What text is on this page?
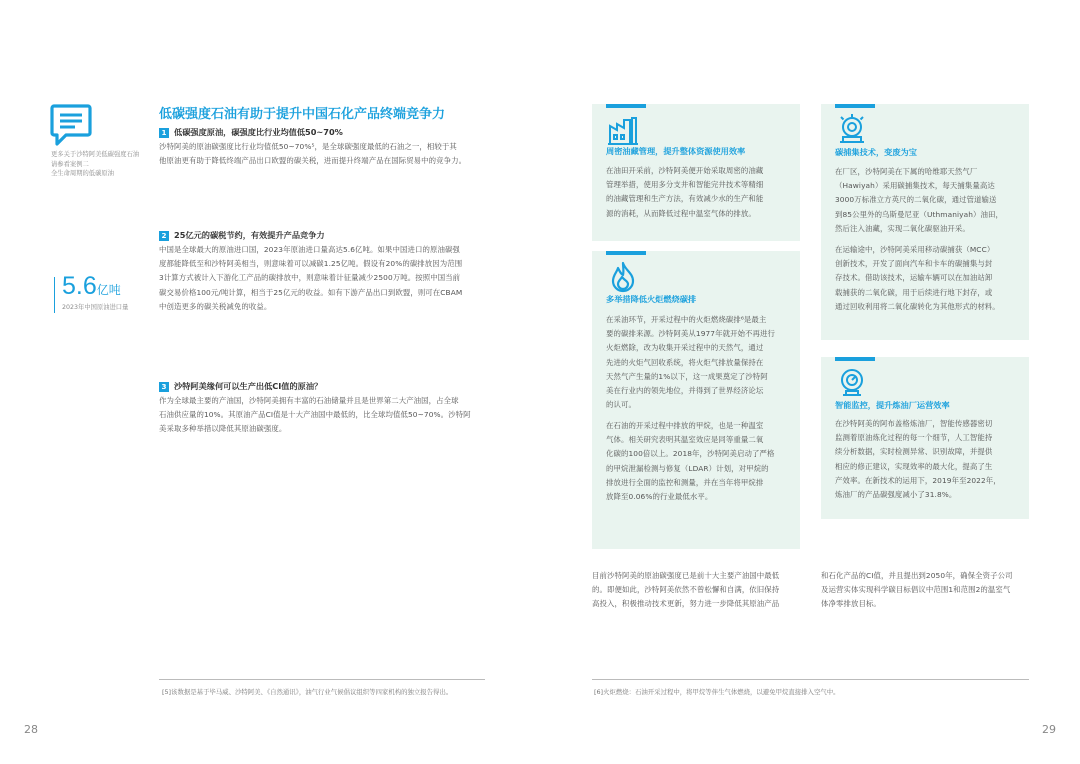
更多关于沙特阿美低碳强度石油
请参看案例二
全生命周期的低碳原油
5.6亿吨
2023年中国原油进口量
低碳强度石油有助于提升中国石化产品终端竞争力
1 低碳强度原油，碳强度比行业均值低50~70%
沙特阿美的原油碳强度比行业均值低50~70%⁵，是全球碳强度最低的石油之一，相较于其
他原油更有助于降低终端产品出口欧盟的碳关税，进而提升终端产品在国际贸易中的竞争力。
2 25亿元的碳税节约，有效提升产品竞争力
中国是全球最大的原油进口国，2023年原油进口量高达5.6亿吨。如果中国进口的原油碳强
度都能降低至和沙特阿美相当，则意味着可以减碳1.25亿吨。假设有20%的碳排放因为范围
3计算方式被计入下游化工产品的碳排放中，则意味着计征量减少2500万吨。按照中国当前
碳交易价格100元/吨计算，相当于25亿元的收益。如有下游产品出口到欧盟，则可在CBAM
中创造更多的碳关税减免的收益。
3 沙特阿美缘何可以生产出低CI值的原油？
作为全球最主要的产油国，沙特阿美拥有丰富的石油储量并且是世界第二大产油国，占全球
石油供应量的10%。其原油产品CI值是十大产油国中最低的，比全球均值低50~70%。沙特阿
美采取多种举措以降低其原油碳强度。
[5]该数据是基于毕马威、沙特阿美、《自然通讯》，油气行业气候倡议组织等四家机构的独立报告得出。
28
周密油藏管理，提升整体资源使用效率
在油田开采前，沙特阿美便开始采取周密的油藏
管理举措，使用多分支井和智能完井技术等精细
的油藏管理和生产方法，有效减少水的生产和能
源的消耗，从而降低过程中温室气体的排放。
多举措降低火炬燃烧碳排
在采油环节，开采过程中的火炬燃烧碳排⁶是最主
要的碳排来源。沙特阿美从1977年就开始不再进行
火炬燃除，改为收集开采过程中的天然气，通过
先进的火炬气回收系统，将火炬气排放量保持在
天然气产生量的1%以下，这一成果奠定了沙特阿
美在行业内的领先地位，并得到了世界经济论坛
的认可。
在石油的开采过程中排放的甲烷，也是一种温室
气体。相关研究表明其温室效应是同等重量二氧
化碳的100倍以上。2018年，沙特阿美启动了严格
的甲烷泄漏检测与修复（LDAR）计划，对甲烷的
排放进行全面的监控和测量，并在当年将甲烷排
放降至0.06%的行业最低水平。
碳捕集技术，变废为宝
在厂区，沙特阿美在下属的哈维耶天然气厂
（Hawiyah）采用碳捕集技术，每天捕集量高达
3000万标准立方英尺的二氧化碳，通过管道输送
到85公里外的乌斯曼尼亚（Uthmaniyah）油田，
然后注入油藏，实现二氧化碳驱油开采。
在运输途中，沙特阿美采用移动碳捕获（MCC）
创新技术，开发了面向汽车和卡车的碳捕集与封
存技术。借助该技术，运输车辆可以在加油站卸
载捕获的二氧化碳，用于后续进行地下封存，或
通过回收利用将二氧化碳转化为其他形式的材料。
智能监控，提升炼油厂运营效率
在沙特阿美的阿布盖格炼油厂，智能传感器密切
监测着原油炼化过程的每一个细节，人工智能持
续分析数据，实时检测异常、识别故障，并提供
相应的修正建议，实现效率的最大化，提高了生
产效率。在新技术的运用下，2019年至2022年，
炼油厂的产品碳强度减小了31.8%。
目前沙特阿美的原油碳强度已是前十大主要产油国中最低
的。即便如此，沙特阿美依然不曾松懈和自满，依旧保持
高投入，积极推动技术更新，努力进一步降低其原油产品
和石化产品的CI值，并且提出到2050年，确保全资子公司
及运营实体实现科学碳目标倡议中范围1和范围2的温室气
体净零排放目标。
[6]火炬燃烧：石油开采过程中，将甲烷等伴生气体燃烧，以避免甲烷直接排入空气中。
29
